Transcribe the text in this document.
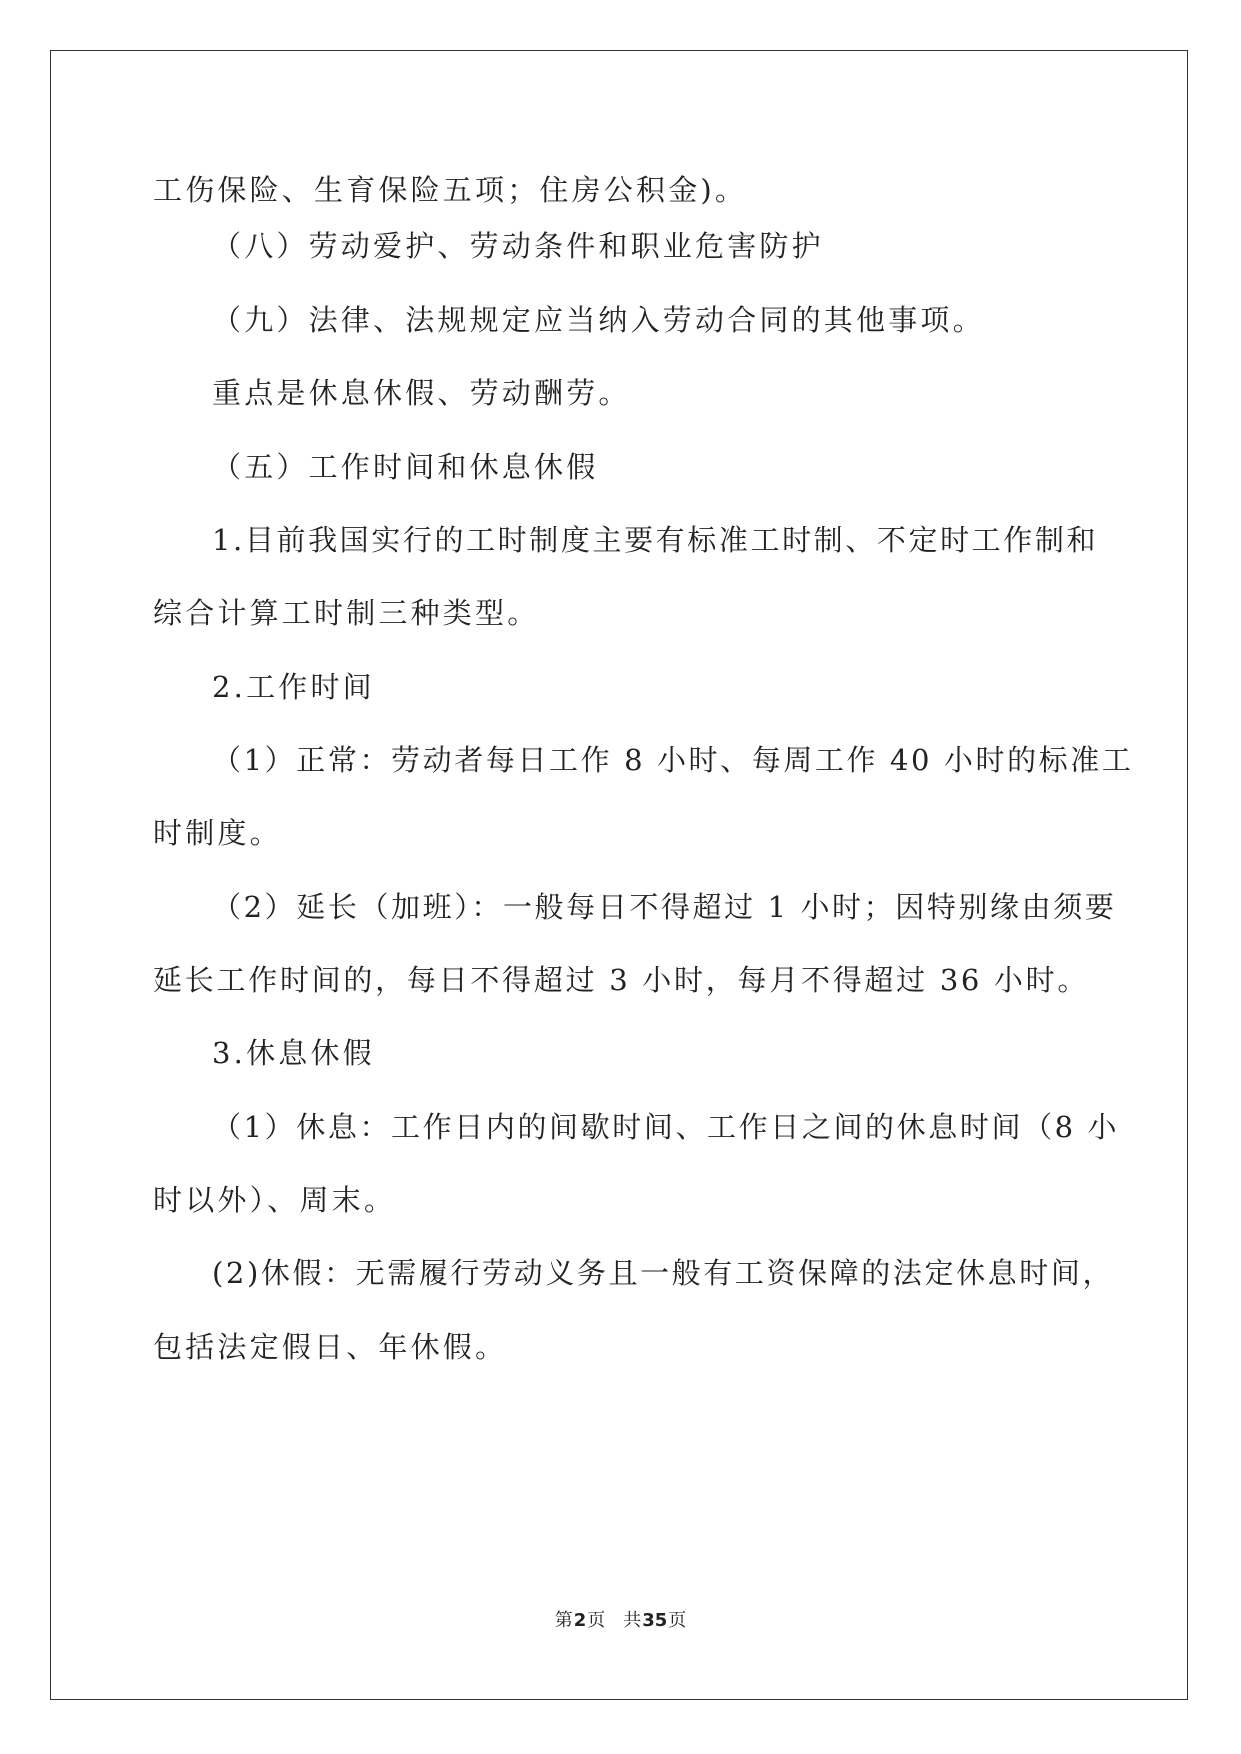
工伤保险、生育保险五项；住房公积金)。
（八）劳动爱护、劳动条件和职业危害防护
（九）法律、法规规定应当纳入劳动合同的其他事项。
重点是休息休假、劳动酬劳。
（五）工作时间和休息休假
1.目前我国实行的工时制度主要有标准工时制、不定时工作制和
综合计算工时制三种类型。
2.工作时间
（1）正常：劳动者每日工作 8 小时、每周工作 40 小时的标准工
时制度。
（2）延长（加班）：一般每日不得超过 1 小时；因特别缘由须要
延长工作时间的，每日不得超过 3 小时，每月不得超过 36 小时。
3.休息休假
（1）休息：工作日内的间歇时间、工作日之间的休息时间（8 小
时以外）、周末。
(2)休假：无需履行劳动义务且一般有工资保障的法定休息时间，
包括法定假日、年休假。
第2页 共35页
